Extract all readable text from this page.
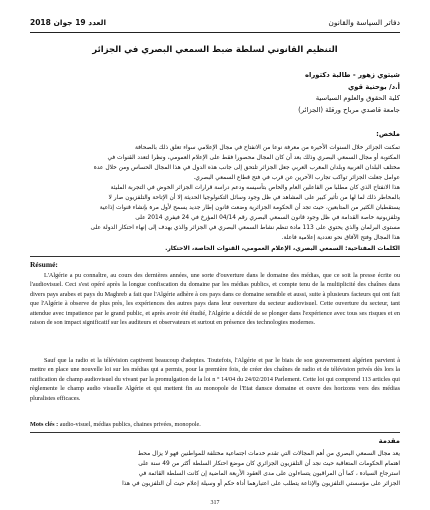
العدد 19 جوان 2018	دفاتر السياسة والقانون
التنظيم القانوني لسلطة ضبط السمعي البصري في الجزائر
شيتوي زهور - طالبة دكتوراه
أ.د/ بوحنية قوي
كلية الحقوق والعلوم السياسية
جامعة قاصدي مرباح ورقلة (الجزائر)
ملخص:
تمكنت الجزائر خلال السنوات الأخيرة من معرفة نوعا من الانفتاح في مجال الإعلامي سواء تعلق ذلك بالصحافة
المكتوبة أو مجال السمعي البصري وذلك بعد أن كان المجال محصورا فقط على الإعلام العمومي، ونظرا لتعدد القنوات في
مختلف البلدان العربية وبلدان المغرب العربي جعل الجزائر تلتحق إلى جانب هذه الدول في هذا المجال الحساس ومن خلال عدة
عوامل جعلت الجزائر تواكب تجارب الآخرين عن قرب في فتح قطاع السمعي البصري.
هذا الانفتاح الذي كان مطلبا من الفاعلين العام والخاص بتأسيسه ودعم دراسة قرارات الجزائر الخوض في التجربة المليئة
بالمخاطر ذلك لما لها من تأثير كبير على المشاهد في ظل وجود وسائل التكنولوجيا الحديثة إلا أن الإتاحة والتلفزيون صار لا
يستقطبان الكثير من المتابعين، حيث تجد أن الحكومة الجزائرية وضعت قانون إطار جديد يسمح لأول مرة بإنشاء قنوات إذاعية
وتلفزيونية خاصة القدامة في ظل وجود قانون السمعي البصري رقم 04/14 المؤرخ في 24 فيفري 2014 على
مستوى البرلمان والذي يحتوي على 113 مادة تنظم نشاط السمعي البصري في الجزائر والذي يهدف إلى إنهاء احتكار الدولة على
هذا المجال وفتح الآفاق نحو تعددية إعلامية فاعلة.
الكلمات المفتاحية: السمعي البصري، الإعلام العمومي، القنوات الخاصة، الاحتكار.
Résumé:
L'Algérie a pu connaître, au cours des dernières années, une sorte d'ouverture dans le domaine des médias, que ce soit la presse écrite ou l'audiovisuel. Ceci s'est opéré après la longue confiscation du domaine par les médias publics, et compte tenu de la multiplicité des chaînes dans divers pays arabes et pays du Maghreb a fait que l'Algérie adhère à ces pays dans ce domaine sensible et aussi, suite à plusieurs facteurs qui ont fait que l'Algérie à observe de plus près, les expériences des autres pays dans leur ouverture du secteur audiovisuel. Cette ouverture du secteur, tant attendue avec impatience par le grand public, et après avoir été étudié, l'Algérie a décidé de se plonger dans l'expérience avec tous ses risques et en raison de son impact significatif sur les auditeurs et observateurs et surtout en présence des technologies modernes.
Sauf que la radio et la télévision captivent beaucoup d'adeptes. Toutefois, l'Algérie et par le biais de son gouvernement algérien parvient à mettre en place une nouvelle loi sur les médias qui a permis, pour la première fois, de créer des chaînes de radio et de télévision privés dès lors la ratification de champ audiovisuel du vivant par la promulgation de la loi n ° 14/04 du 24/02/2014 Parlement. Cette loi qui comprend 113 articles qui règlemente le champ audio visuelle Algérie et qui mettent fin au monopole de l'Etat dansce domaine et ouvre des horizons vers des médias pluralistes efficaces.
Mots clés : audio-visuel, médias publics, chaines privées, monopole.
مقدمة
يعد مجال السمعي البصري من أهم المجالات التي تقدم خدمات اجتماعية مختلفة للمواطنين فهو لا يزال محط
اهتمام الحكومات المتعاقبة حيث نجد أن التلفزيون الجزائري كان موضع احتكار السلطة أكثر من 49 سنة على
استرجاع السيادة ، كما أن المراقبون يتساءلون على مدى العقود الأربعة الماضية إن كانت السلطة القائمة في
الجزائر على مؤسستي التلفزيون والإذاعة يتطلب على اعتبارهما أداة حكم أو وسيلة إعلام حيث أن التلفزيون في هذا
317
